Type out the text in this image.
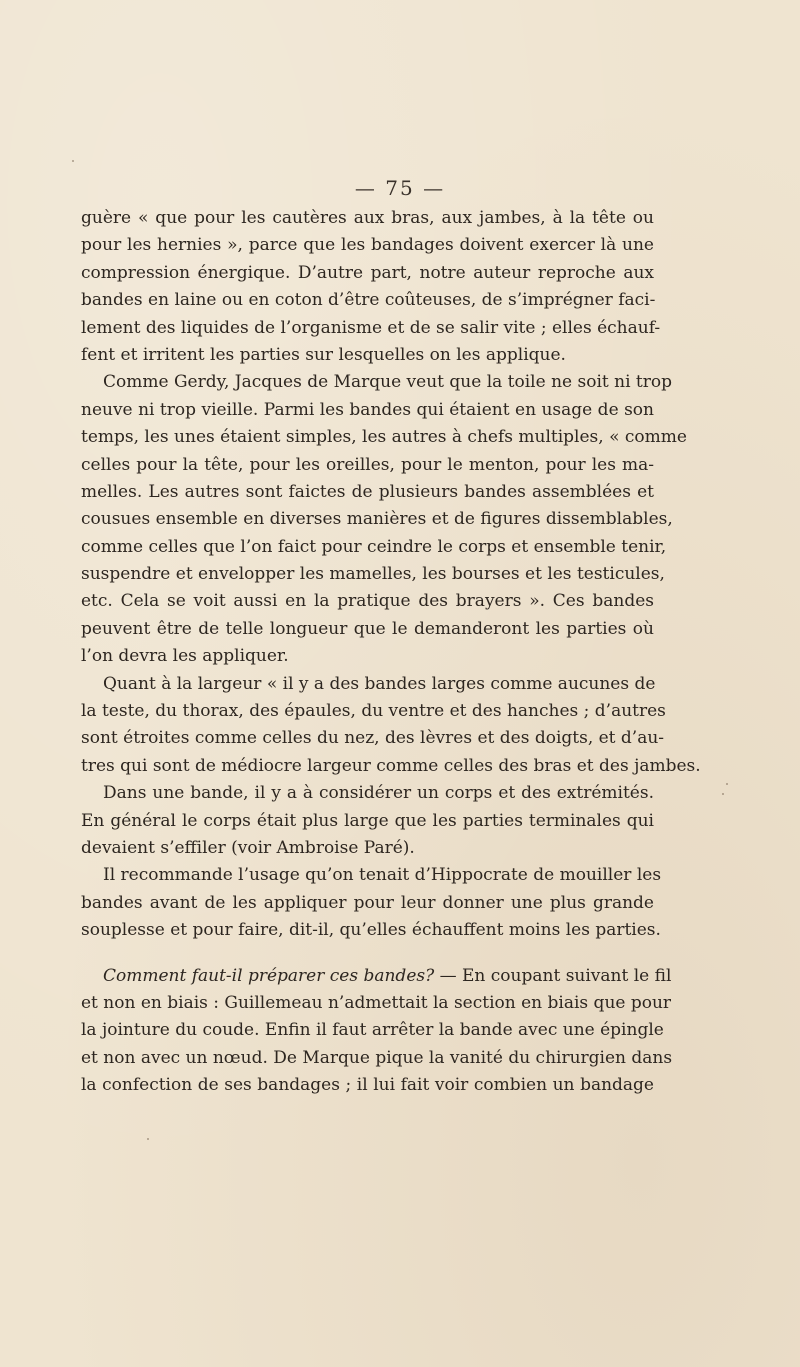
— 75 —
guère « que pour les cautères aux bras, aux jambes, à la tête ou
pour les hernies », parce que les bandages doivent exercer là une
compression énergique. D’autre part, notre auteur reproche aux
bandes en laine ou en coton d’être coûteuses, de s’imprégner faci-
lement des liquides de l’organisme et de se salir vite ; elles échauf-
fent et irritent les parties sur lesquelles on les applique.
Comme Gerdy, Jacques de Marque veut que la toile ne soit ni trop
neuve ni trop vieille. Parmi les bandes qui étaient en usage de son
temps, les unes étaient simples, les autres à chefs multiples, « comme
celles pour la tête, pour les oreilles, pour le menton, pour les ma-
melles. Les autres sont faictes de plusieurs bandes assemblées et
cousues ensemble en diverses manières et de figures dissemblables,
comme celles que l’on faict pour ceindre le corps et ensemble tenir,
suspendre et envelopper les mamelles, les bourses et les testicules,
etc. Cela se voit aussi en la pratique des brayers ». Ces bandes
peuvent être de telle longueur que le demanderont les parties où
l’on devra les appliquer.
Quant à la largeur « il y a des bandes larges comme aucunes de
la teste, du thorax, des épaules, du ventre et des hanches ; d’autres
sont étroites comme celles du nez, des lèvres et des doigts, et d’au-
tres qui sont de médiocre largeur comme celles des bras et des jambes.
Dans une bande, il y a à considérer un corps et des extrémités.
En général le corps était plus large que les parties terminales qui
devaient s’effiler (voir Ambroise Paré).
Il recommande l’usage qu’on tenait d’Hippocrate de mouiller les
bandes avant de les appliquer pour leur donner une plus grande
souplesse et pour faire, dit-il, qu’elles échauffent moins les parties.
Comment faut-il préparer ces bandes? — En coupant suivant le fil
et non en biais : Guillemeau n’admettait la section en biais que pour
la jointure du coude. Enfin il faut arrêter la bande avec une épingle
et non avec un nœud. De Marque pique la vanité du chirurgien dans
la confection de ses bandages ; il lui fait voir combien un bandage
